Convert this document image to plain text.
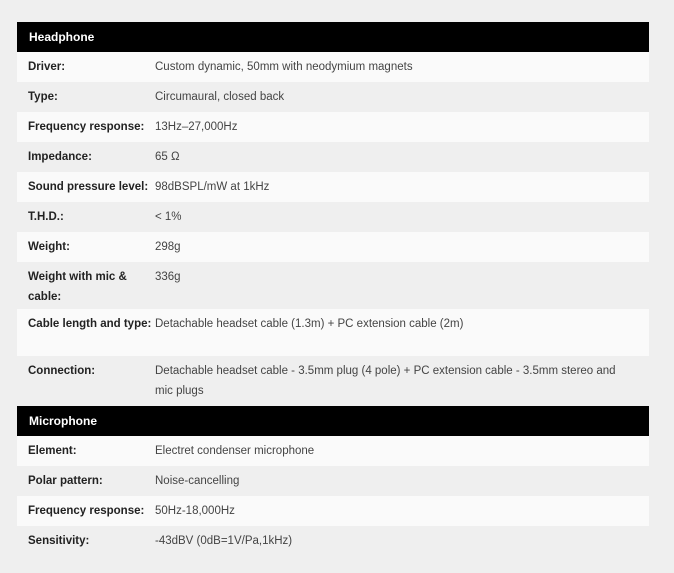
Headphone
Driver:	Custom dynamic, 50mm with neodymium magnets
Type:	Circumaural, closed back
Frequency response: 13Hz–27,000Hz
Impedance:	65 Ω
Sound pressure level: 98dBSPL/mW at 1kHz
T.H.D.:	< 1%
Weight:	298g
Weight with mic & cable:
336g
Cable length and type: Detachable headset cable (1.3m) + PC extension cable (2m)
Connection:	Detachable headset cable - 3.5mm plug (4 pole) + PC extension cable - 3.5mm stereo and mic plugs
Microphone
Element:	Electret condenser microphone
Polar pattern:	Noise-cancelling
Frequency response: 50Hz-18,000Hz
Sensitivity:	-43dBV (0dB=1V/Pa,1kHz)
